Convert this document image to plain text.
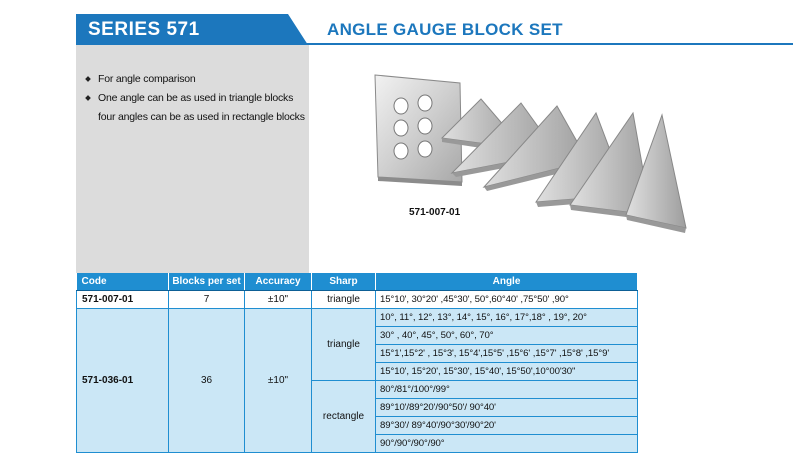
SERIES 571	ANGLE GAUGE BLOCK SET
For angle comparison
One angle can be as used in triangle blocks
four angles can be as used in rectangle blocks
571-007-01
Code	Blocks per set	Accuracy	Sharp	Angle
571-007-01	7	±10"	triangle	15°10', 30°20' ,45°30', 50°,60°40' ,75°50' ,90°
571-036-01	36	±10"	triangle	10°, 11°, 12°, 13°, 14°, 15°, 16°, 17°,18° , 19°, 20°
				30° , 40°, 45°, 50°, 60°, 70°
				15°1',15°2' , 15°3', 15°4',15°5' ,15°6' ,15°7' ,15°8' ,15°9'
				15°10', 15°20', 15°30', 15°40', 15°50',10°00'30"
			rectangle	80°/81°/100°/99°
				89°10'/89°20'/90°50'/ 90°40'
				89°30'/ 89°40'/90°30'/90°20'
				90°/90°/90°/90°
